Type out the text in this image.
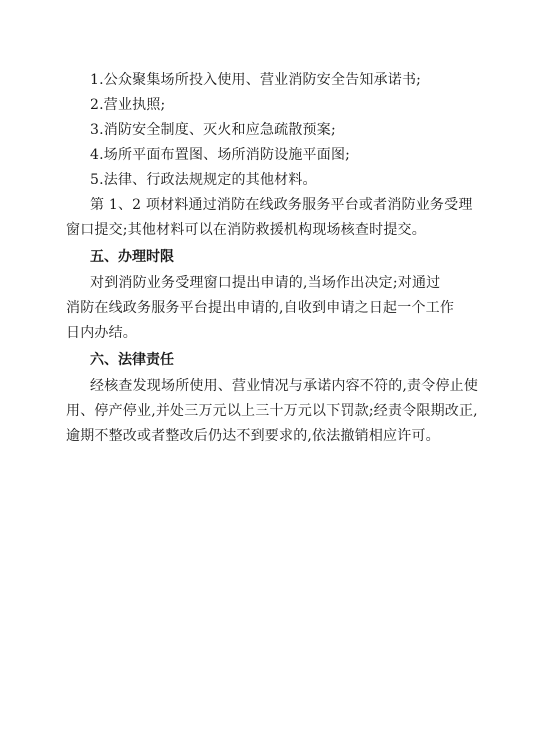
1.公众聚集场所投入使用、营业消防安全告知承诺书;

2.营业执照;

3.消防安全制度、灭火和应急疏散预案;

4.场所平面布置图、场所消防设施平面图;

5.法律、行政法规规定的其他材料。

第 1、2 项材料通过消防在线政务服务平台或者消防业务受理

窗口提交;其他材料可以在消防救援机构现场核查时提交。

五、办理时限

对到消防业务受理窗口提出申请的,当场作出决定;对通过

消防在线政务服务平台提出申请的,自收到申请之日起一个工作

日内办结。

六、法律责任

经核查发现场所使用、营业情况与承诺内容不符的,责令停止使

用、停产停业,并处三万元以上三十万元以下罚款;经责令限期改正,

逾期不整改或者整改后仍达不到要求的,依法撤销相应许可。
